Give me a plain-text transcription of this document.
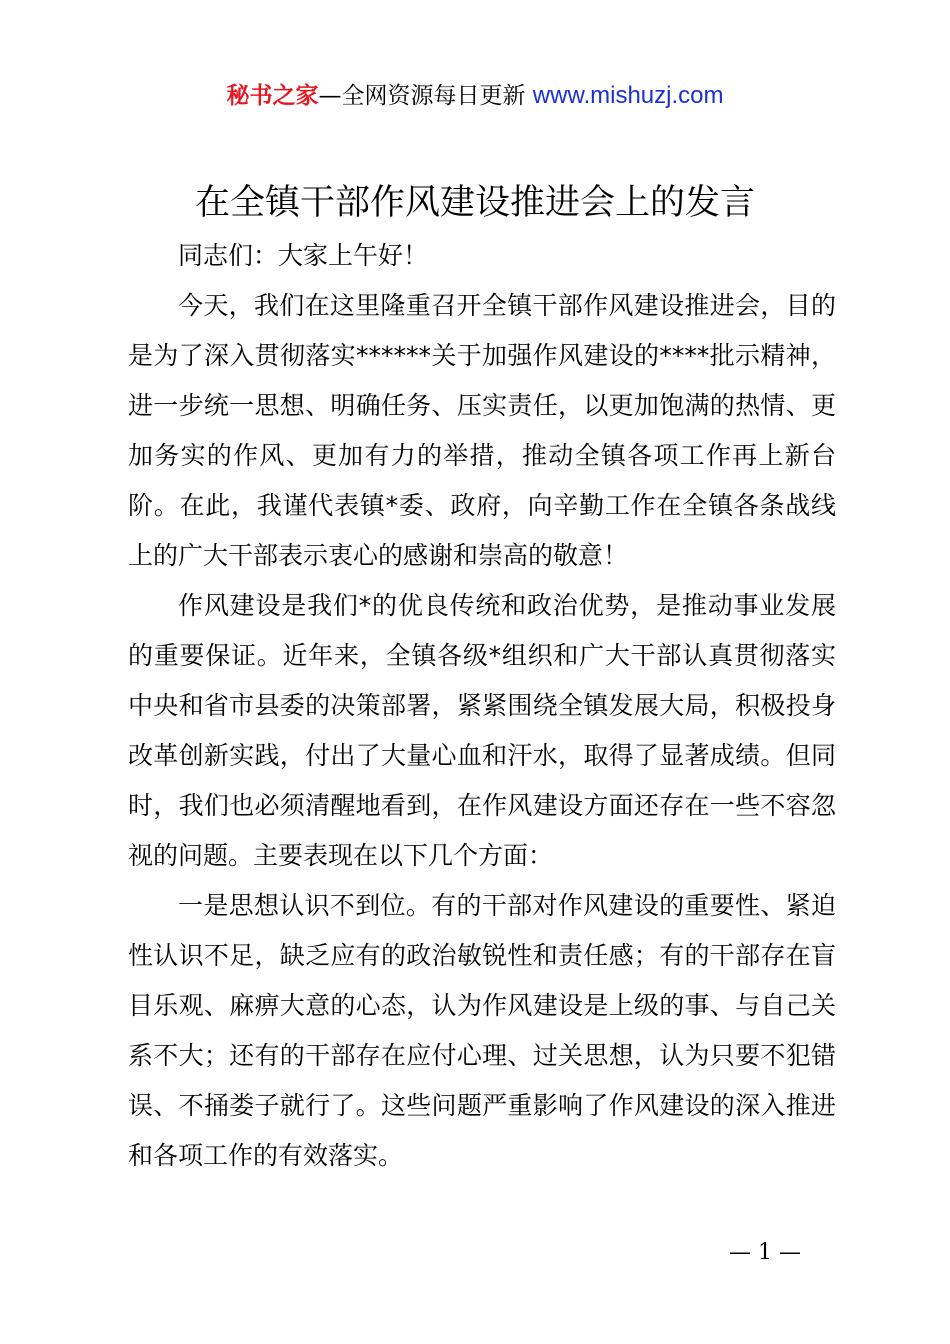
秘书之家—全网资源每日更新 www.mishuzj.com
在全镇干部作风建设推进会上的发言

同志们：大家上午好！

今天，我们在这里隆重召开全镇干部作风建设推进会，目的是为了深入贯彻落实******关于加强作风建设的****批示精神，进一步统一思想、明确任务、压实责任，以更加饱满的热情、更加务实的作风、更加有力的举措，推动全镇各项工作再上新台阶。在此，我谨代表镇*委、政府，向辛勤工作在全镇各条战线上的广大干部表示衷心的感谢和崇高的敬意！

作风建设是我们*的优良传统和政治优势，是推动事业发展的重要保证。近年来，全镇各级*组织和广大干部认真贯彻落实中央和省市县委的决策部署，紧紧围绕全镇发展大局，积极投身改革创新实践，付出了大量心血和汗水，取得了显著成绩。但同时，我们也必须清醒地看到，在作风建设方面还存在一些不容忽视的问题。主要表现在以下几个方面：

一是思想认识不到位。有的干部对作风建设的重要性、紧迫性认识不足，缺乏应有的政治敏锐性和责任感；有的干部存在盲目乐观、麻痹大意的心态，认为作风建设是上级的事、与自己关系不大；还有的干部存在应付心理、过关思想，认为只要不犯错误、不捅娄子就行了。这些问题严重影响了作风建设的深入推进和各项工作的有效落实。

— 1 —
